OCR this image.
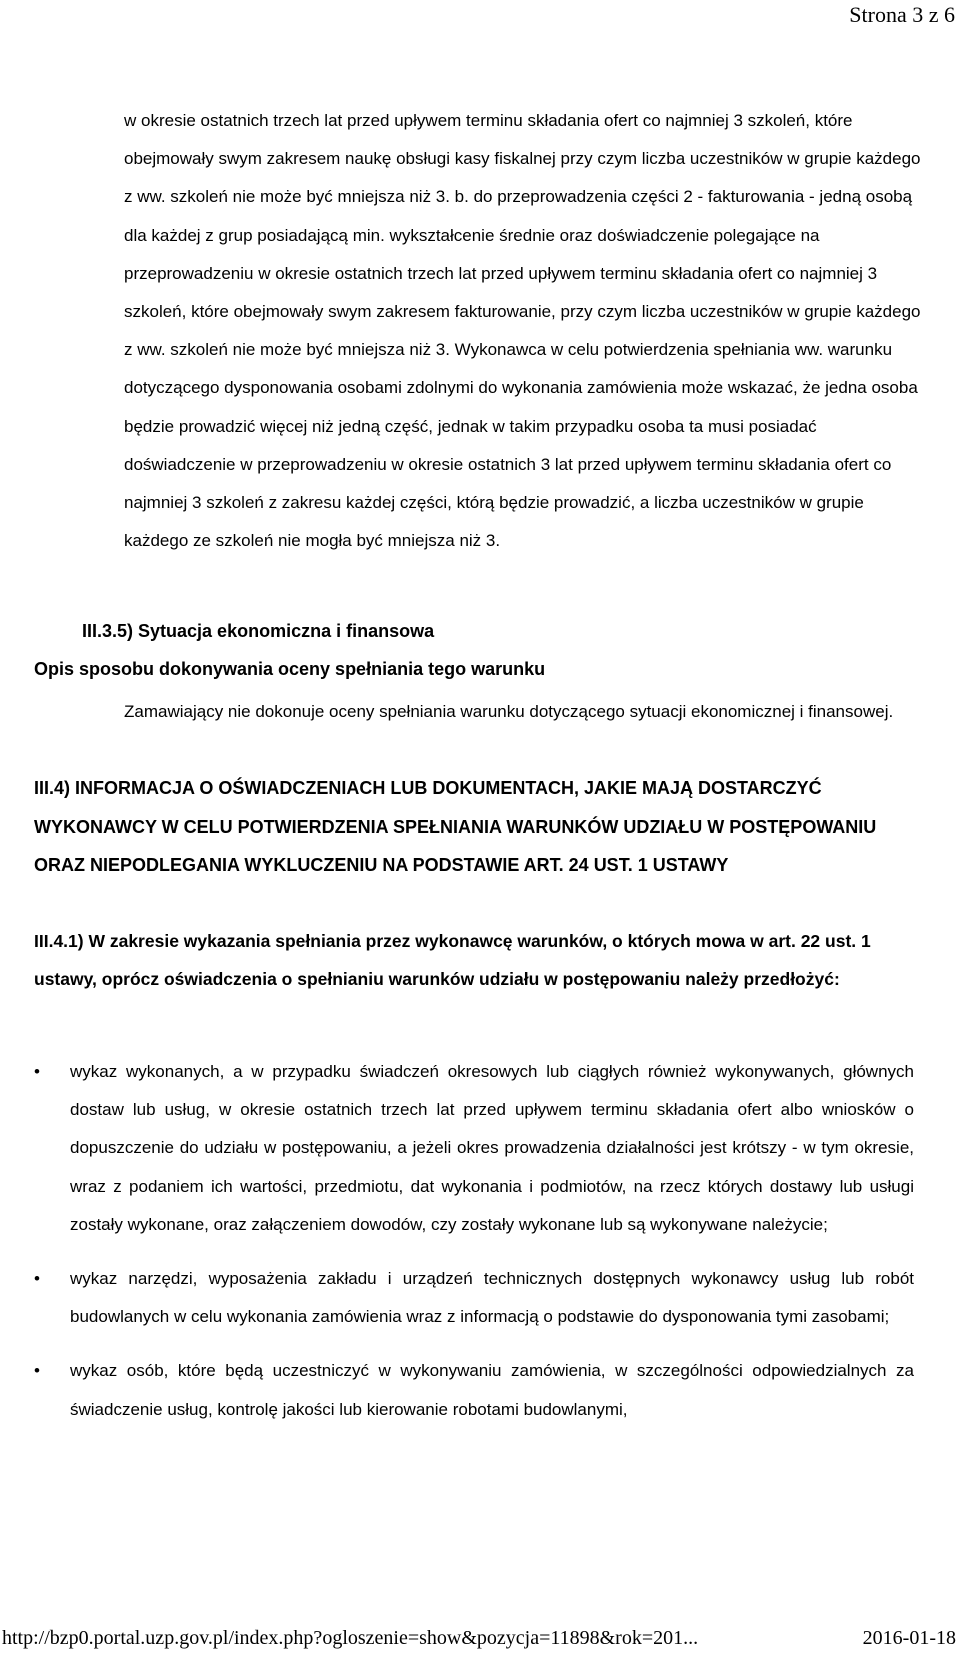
Strona 3 z 6

w okresie ostatnich trzech lat przed upływem terminu składania ofert co najmniej 3 szkoleń, które obejmowały swym zakresem naukę obsługi kasy fiskalnej przy czym liczba uczestników w grupie każdego z ww. szkoleń nie może być mniejsza niż 3. b. do przeprowadzenia części 2 - fakturowania - jedną osobą dla każdej z grup posiadającą min. wykształcenie średnie oraz doświadczenie polegające na przeprowadzeniu w okresie ostatnich trzech lat przed upływem terminu składania ofert co najmniej 3 szkoleń, które obejmowały swym zakresem fakturowanie, przy czym liczba uczestników w grupie każdego z ww. szkoleń nie może być mniejsza niż 3. Wykonawca w celu potwierdzenia spełniania ww. warunku dotyczącego dysponowania osobami zdolnymi do wykonania zamówienia może wskazać, że jedna osoba będzie prowadzić więcej niż jedną część, jednak w takim przypadku osoba ta musi posiadać doświadczenie w przeprowadzeniu w okresie ostatnich 3 lat przed upływem terminu składania ofert co najmniej 3 szkoleń z zakresu każdej części, którą będzie prowadzić, a liczba uczestników w grupie każdego ze szkoleń nie mogła być mniejsza niż 3.

III.3.5) Sytuacja ekonomiczna i finansowa
Opis sposobu dokonywania oceny spełniania tego warunku

Zamawiający nie dokonuje oceny spełniania warunku dotyczącego sytuacji ekonomicznej i finansowej.

III.4) INFORMACJA O OŚWIADCZENIACH LUB DOKUMENTACH, JAKIE MAJĄ DOSTARCZYĆ WYKONAWCY W CELU POTWIERDZENIA SPEŁNIANIA WARUNKÓW UDZIAŁU W POSTĘPOWANIU ORAZ NIEPODLEGANIA WYKLUCZENIU NA PODSTAWIE ART. 24 UST. 1 USTAWY
III.4.1) W zakresie wykazania spełniania przez wykonawcę warunków, o których mowa w art. 22 ust. 1 ustawy, oprócz oświadczenia o spełnianiu warunków udziału w postępowaniu należy przedłożyć:
•	wykaz wykonanych, a w przypadku świadczeń okresowych lub ciągłych również wykonywanych, głównych dostaw lub usług, w okresie ostatnich trzech lat przed upływem terminu składania ofert albo wniosków o dopuszczenie do udziału w postępowaniu, a jeżeli okres prowadzenia działalności jest krótszy - w tym okresie, wraz z podaniem ich wartości, przedmiotu, dat wykonania i podmiotów, na rzecz których dostawy lub usługi zostały wykonane, oraz załączeniem dowodów, czy zostały wykonane lub są wykonywane należycie;
•	wykaz narzędzi, wyposażenia zakładu i urządzeń technicznych dostępnych wykonawcy usług lub robót budowlanych w celu wykonania zamówienia wraz z informacją o podstawie do dysponowania tymi zasobami;
•	wykaz osób, które będą uczestniczyć w wykonywaniu zamówienia, w szczególności odpowiedzialnych za świadczenie usług, kontrolę jakości lub kierowanie robotami budowlanymi,
http://bzp0.portal.uzp.gov.pl/index.php?ogloszenie=show&pozycja=11898&rok=201...	2016-01-18
